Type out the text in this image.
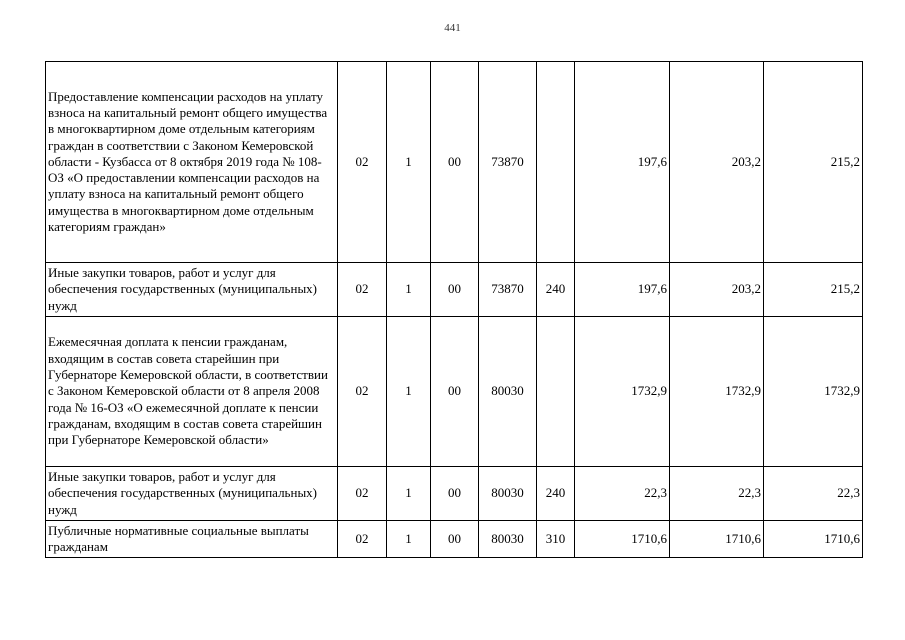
441
Предоставление компенсации расходов на уплату взноса на капитальный ремонт общего имущества в многоквартирном доме отдельным категориям граждан в соответствии с Законом Кемеровской области - Кузбасса от 8 октября 2019 года № 108-ОЗ «О предоставлении компенсации расходов на уплату взноса на капитальный ремонт общего имущества в многоквартирном доме отдельным категориям граждан»	02	1	00	73870		197,6	203,2	215,2
Иные закупки товаров, работ и услуг для обеспечения государственных (муниципальных) нужд	02	1	00	73870	240	197,6	203,2	215,2
Ежемесячная доплата к пенсии гражданам, входящим в состав совета старейшин при Губернаторе Кемеровской области, в соответствии с Законом Кемеровской области от 8 апреля 2008 года № 16-ОЗ «О ежемесячной доплате к пенсии гражданам, входящим в состав совета старейшин при Губернаторе Кемеровской области»	02	1	00	80030		1732,9	1732,9	1732,9
Иные закупки товаров, работ и услуг для обеспечения государственных (муниципальных) нужд	02	1	00	80030	240	22,3	22,3	22,3
Публичные нормативные социальные выплаты гражданам	02	1	00	80030	310	1710,6	1710,6	1710,6
